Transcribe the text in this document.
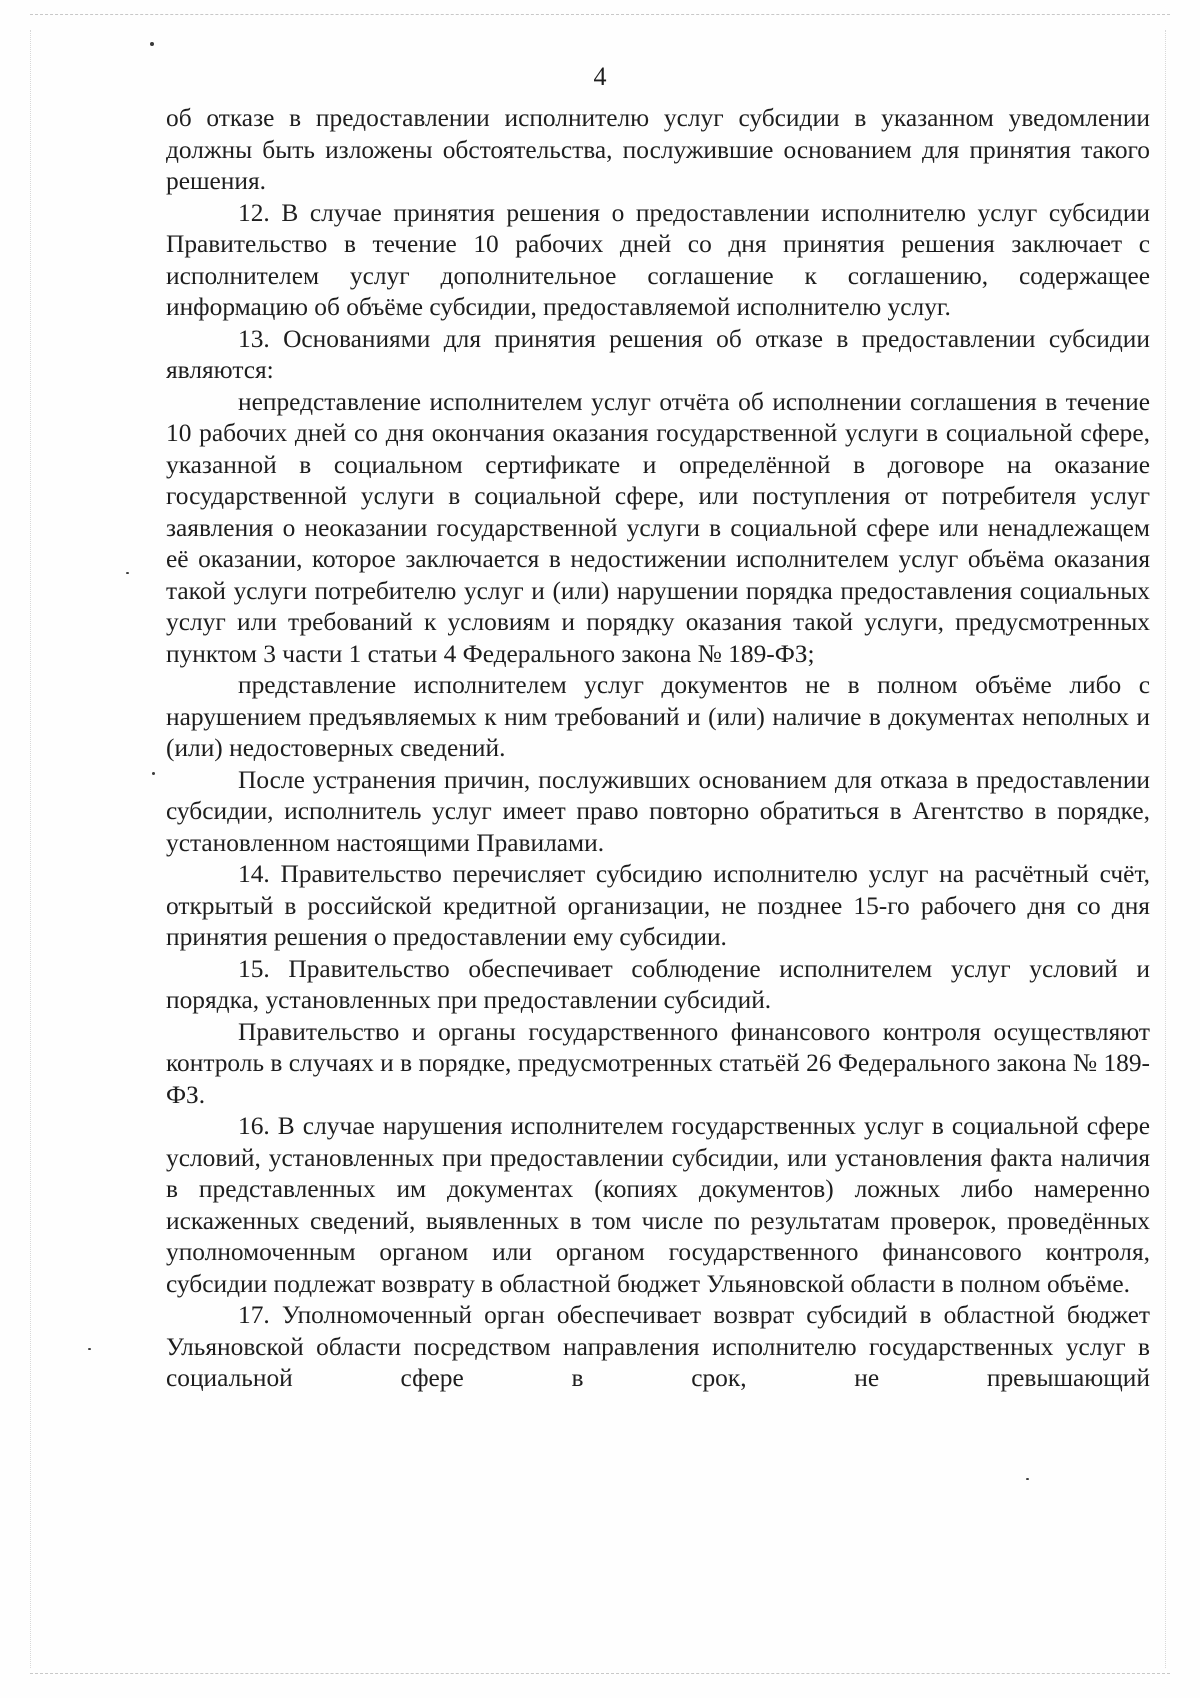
4

об отказе в предоставлении исполнителю услуг субсидии в указанном уведомлении должны быть изложены обстоятельства, послужившие основанием для принятия такого решения.

12. В случае принятия решения о предоставлении исполнителю услуг субсидии Правительство в течение 10 рабочих дней со дня принятия решения заключает с исполнителем услуг дополнительное соглашение к соглашению, содержащее информацию об объёме субсидии, предоставляемой исполнителю услуг.

13. Основаниями для принятия решения об отказе в предоставлении субсидии являются:

непредставление исполнителем услуг отчёта об исполнении соглашения в течение 10 рабочих дней со дня окончания оказания государственной услуги в социальной сфере, указанной в социальном сертификате и определённой в договоре на оказание государственной услуги в социальной сфере, или поступления от потребителя услуг заявления о неоказании государственной услуги в социальной сфере или ненадлежащем её оказании, которое заключается в недостижении исполнителем услуг объёма оказания такой услуги потребителю услуг и (или) нарушении порядка предоставления социальных услуг или требований к условиям и порядку оказания такой услуги, предусмотренных пунктом 3 части 1 статьи 4 Федерального закона № 189-ФЗ;

представление исполнителем услуг документов не в полном объёме либо с нарушением предъявляемых к ним требований и (или) наличие в документах неполных и (или) недостоверных сведений.

После устранения причин, послуживших основанием для отказа в предоставлении субсидии, исполнитель услуг имеет право повторно обратиться в Агентство в порядке, установленном настоящими Правилами.

14. Правительство перечисляет субсидию исполнителю услуг на расчётный счёт, открытый в российской кредитной организации, не позднее 15-го рабочего дня со дня принятия решения о предоставлении ему субсидии.

15. Правительство обеспечивает соблюдение исполнителем услуг условий и порядка, установленных при предоставлении субсидий.

Правительство и органы государственного финансового контроля осуществляют контроль в случаях и в порядке, предусмотренных статьёй 26 Федерального закона № 189-ФЗ.

16. В случае нарушения исполнителем государственных услуг в социальной сфере условий, установленных при предоставлении субсидии, или установления факта наличия в представленных им документах (копиях документов) ложных либо намеренно искаженных сведений, выявленных в том числе по результатам проверок, проведённых уполномоченным органом или органом государственного финансового контроля, субсидии подлежат возврату в областной бюджет Ульяновской области в полном объёме.

17. Уполномоченный орган обеспечивает возврат субсидий в областной бюджет Ульяновской области посредством направления исполнителю государственных услуг в социальной сфере в срок, не превышающий
